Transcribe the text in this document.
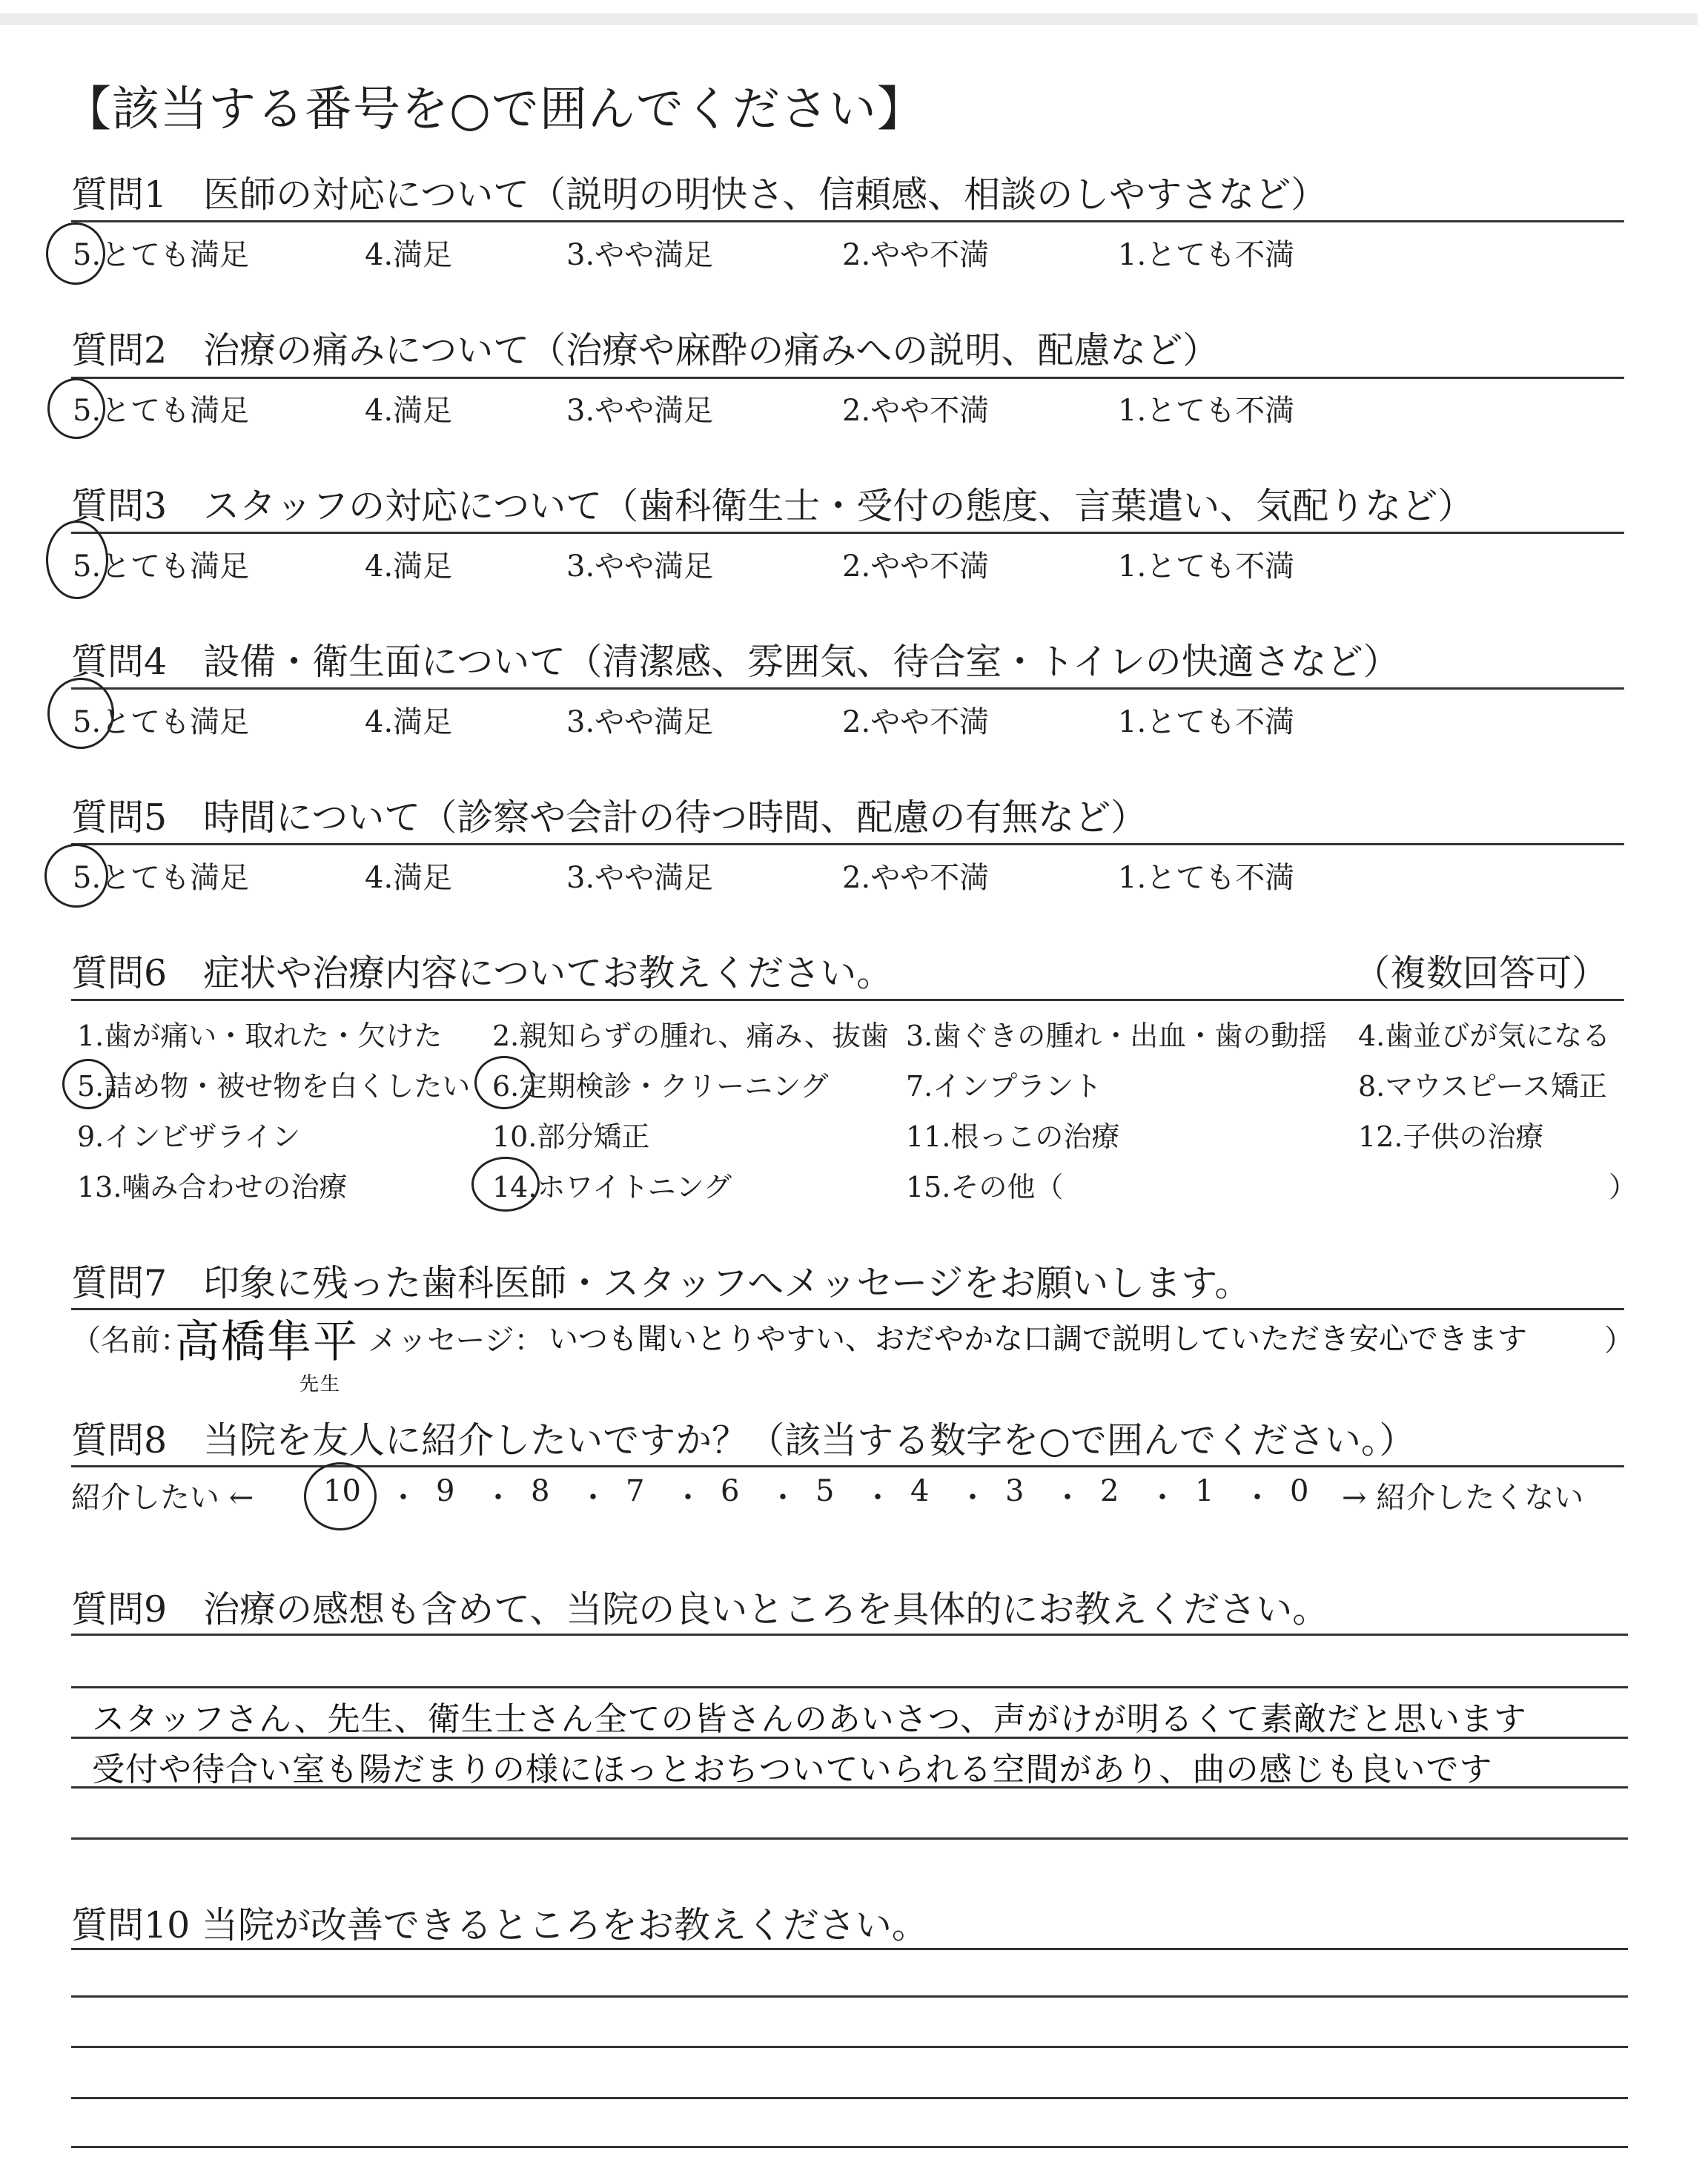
【該当する番号を○で囲んでください】
質問1　医師の対応について（説明の明快さ、信頼感、相談のしやすさなど）
5.とても満足	4.満足	3.やや満足	2.やや不満	1.とても不満
質問2　治療の痛みについて（治療や麻酔の痛みへの説明、配慮など）
5.とても満足	4.満足	3.やや満足	2.やや不満	1.とても不満
質問3　スタッフの対応について（歯科衛生士・受付の態度、言葉遣い、気配りなど）
5.とても満足	4.満足	3.やや満足	2.やや不満	1.とても不満
質問4　設備・衛生面について（清潔感、雰囲気、待合室・トイレの快適さなど）
5.とても満足	4.満足	3.やや満足	2.やや不満	1.とても不満
質問5　時間について（診察や会計の待つ時間、配慮の有無など）
5.とても満足	4.満足	3.やや満足	2.やや不満	1.とても不満
質問6　症状や治療内容についてお教えください。	（複数回答可）
1.歯が痛い・取れた・欠けた 2.親知らずの腫れ、痛み、抜歯 3.歯ぐきの腫れ・出血・歯の動揺 4.歯並びが気になる
5.詰め物・被せ物を白くしたい 6.定期検診・クリーニング	7.インプラント	8.マウスピース矯正
9.インビザライン	10.部分矯正	11.根っこの治療	12.子供の治療
13.噛み合わせの治療	14.ホワイトニング	15.その他（	）
質問7　印象に残った歯科医師・スタッフへメッセージをお願いします。
（名前：
高橋隼平
先生
メッセージ： いつも聞いとりやすい、おだやかな口調で説明していただき安心できます	）
質問8　当院を友人に紹介したいですか？（該当する数字を○で囲んでください。）
紹介したい ← 10 ・ 9 ・ 8 ・ 7 ・ 6 ・ 5 ・ 4 ・ 3 ・ 2 ・ 1 ・ 0 → 紹介したくない
質問9　治療の感想も含めて、当院の良いところを具体的にお教えください。
スタッフさん、先生、衛生士さん全ての皆さんのあいさつ、声がけが明るくて素敵だと思います
受付や待合い室も陽だまりの様にほっとおちついていられる空間があり、曲の感じも良いです
質問10 当院が改善できるところをお教えください。
